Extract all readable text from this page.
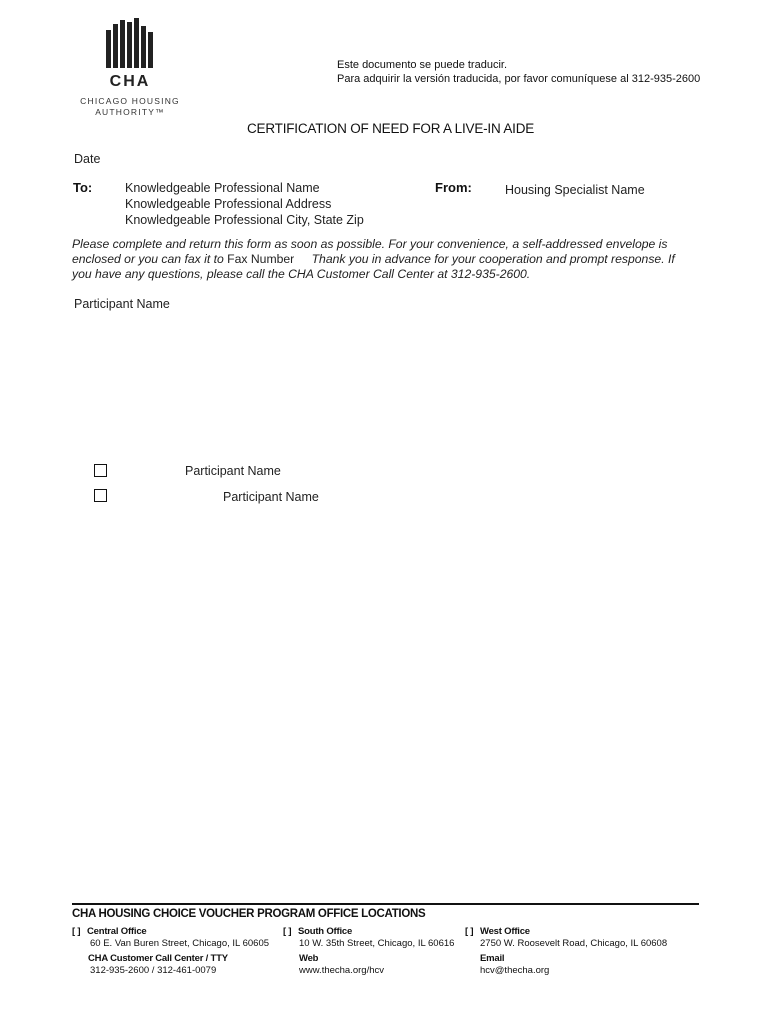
CHA
CHICAGO HOUSING
AUTHORITY™
Este documento se puede traducir.
Para adquirir la versión traducida, por favor comuníquese al 312-935-2600
CERTIFICATION OF NEED FOR A LIVE-IN AIDE
Date
To:	Knowledgeable Professional Name
Knowledgeable Professional Address
Knowledgeable Professional City, State Zip
From:	Housing Specialist Name
Please complete and return this form as soon as possible. For your convenience, a self-addressed envelope is
enclosed or you can fax it to Fax Number Thank you in advance for your cooperation and prompt response. If
you have any questions, please call the CHA Customer Call Center at 312-935-2600.
Participant Name
Participant Name
Participant Name
CHA HOUSING CHOICE VOUCHER PROGRAM OFFICE LOCATIONS
[ ] Central Office
60 E. Van Buren Street, Chicago, IL 60605
CHA Customer Call Center / TTY
312-935-2600 / 312-461-0079
[ ] South Office
10 W. 35th Street, Chicago, IL 60616
Web
www.thecha.org/hcv
[ ] West Office
2750 W. Roosevelt Road, Chicago, IL 60608
Email
hcv@thecha.org
